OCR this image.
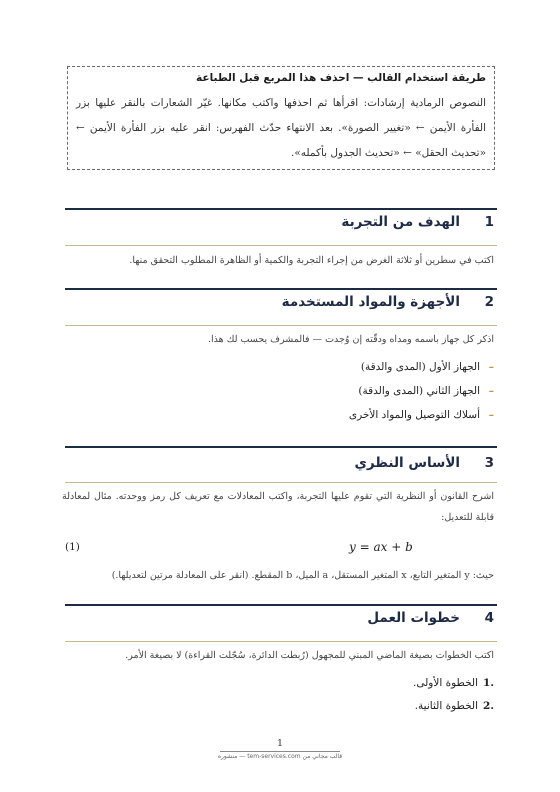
طريقة استخدام القالب — احذف هذا المربع قبل الطباعة
النصوص الرمادية إرشادات: اقرأها ثم احذفها واكتب مكانها. غيّر الشعارات بالنقر عليها بزر الفأرة الأيمن ← «تغيير الصورة». بعد الانتهاء حدّث الفهرس: انقر عليه بزر الفأرة الأيمن ← «تحديث الحقل» ← «تحديث الجدول بأكمله».
1
الهدف من التجربة
اكتب في سطرين أو ثلاثة الغرض من إجراء التجربة والكمية أو الظاهرة المطلوب التحقق منها.
2
الأجهزة والمواد المستخدمة
اذكر كل جهاز باسمه ومداه ودقّته إن وُجدت — فالمشرف يحسب لك هذا.
–
الجهاز الأول (المدى والدقة)
–
الجهاز الثاني (المدى والدقة)
–
أسلاك التوصيل والمواد الأخرى
3
الأساس النظري
اشرح القانون أو النظرية التي تقوم عليها التجربة، واكتب المعادلات مع تعريف كل رمز ووحدته. مثال لمعادلة قابلة للتعديل:
(1)	y = ax + b
حيث: y المتغير التابع، x المتغير المستقل، a الميل، b المقطع. (انقر على المعادلة مرتين لتعديلها.)
4
خطوات العمل
اكتب الخطوات بصيغة الماضي المبني للمجهول (رُبطت الدائرة، سُجّلت القراءة) لا بصيغة الأمر.
1.
الخطوة الأولى.
2.
الخطوة الثانية.
1
قالب مجاني من tem-services.com — منشوره
